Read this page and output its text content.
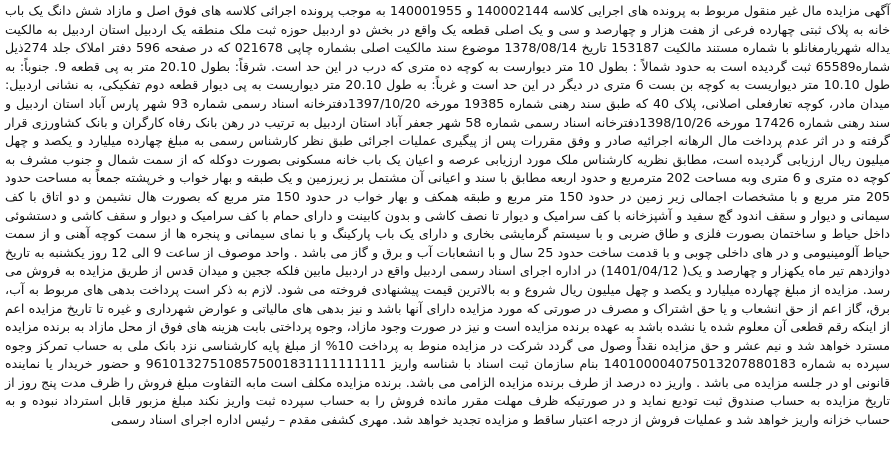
آگهی مزایده مال غیر منقول مربوط به پرونده های اجرایی کلاسه 140002144 و 140001955 به موجب پرونده اجرائی کلاسه های فوق اصل و مازاد شش دانگ یک باب خانه به پلاک ثبتی چهارده فرعی از هفت هزار و چهارصد و سی و یک اصلی قطعه یک واقع در بخش دو اردبیل حوزه ثبت ملک منطقه یک اردبیل استان اردبیل به مالکیت یداله شهریارمغانلو با شماره مستند مالکیت 153187 تاریخ 1378/08/14 موضوع سند مالکیت اصلی بشماره چاپی 021678 که در صفحه 596 دفتر املاک جلد 274ذیل شماره65589 ثبت گردیده است به حدود شمالاً : بطول 10 متر دیوارست به کوچه ده متری که درب در این حد است. شرقاً: بطول 20.10 متر به پی قطعه 9. جنوباً: به طول 10.10 متر دیواریست به کوچه بن بست 6 متری در دیگر در این حد است و غرباً: به طول 20.10 متر دیواریست به پی دیوار قطعه دوم تفکیکی، به نشانی اردبیل: میدان مادر، کوچه تعارفعلی اصلانی، پلاک 40 که طبق سند رهنی شماره 19385 مورخه 1397/10/20دفترخانه اسناد رسمی شماره 93 شهر پارس آباد استان اردبیل و سند رهنی شماره 17426 مورخه 1398/10/26دفترخانه اسناد رسمی شماره 58 شهر جعفر آباد استان اردبیل به ترتیب در رهن بانک رفاه کارگران و بانک کشاورزی قرار گرفته و در اثر عدم پرداخت مال الرهانه اجرائیه صادر و وفق مقررات پس از پیگیری عملیات اجرائی طبق نظر کارشناس رسمی به مبلغ چهارده میلیارد و یکصد و چهل میلیون ریال ارزیابی گردیده است، مطابق نظریه کارشناس ملک مورد ارزیابی عرصه و اعیان یک باب خانه مسکونی بصورت دوکله که از سمت شمال و جنوب مشرف به کوچه ده متری و 6 متری وبه مساحت 202 مترمربع و حدود اربعه مطابق با سند و اعیانی آن مشتمل بر زیرزمین و یک طبقه و بهار خواب و خرپشته جمعاً به مساحت حدود 205 متر مربع و با مشخصات اجمالی زیر زمین در حدود 150 متر مربع و طبقه همکف و بهار خواب در حدود 150 متر مربع که بصورت هال نشیمن و دو اتاق با کف سیمانی و دیوار و سقف اندود گچ سفید و آشپزخانه با کف سرامیک و دیوار تا نصف کاشی و بدون کابینت و دارای حمام با کف سرامیک و دیوار و سقف کاشی و دستشوئی داخل حیاط و ساختمان بصورت فلزی و طاق ضربی و با سیستم گرمایشی بخاری و دارای یک باب پارکینگ و با نمای سیمانی و پنجره ها از سمت کوچه آهنی و از سمت حیاط آلومینیومی و در های داخلی چوبی و با قدمت ساخت حدود 25 سال و با انشعابات آب و برق و گاز می باشد . واحد موصوف از ساعت 9 الی 12 روز یکشنبه به تاریخ دوازدهم تیر ماه یکهزار و چهارصد و یک( 1401/04/12) در اداره اجرای اسناد رسمی اردبیل واقع در اردبیل مابین فلکه ججین و میدان قدس از طریق مزایده به فروش می رسد. مزایده از مبلغ چهارده میلیارد و یکصد و چهل میلیون ریال شروع و به بالاترین قیمت پیشنهادی فروخته می شود. لازم به ذکر است پرداخت بدهی های مربوط به آب، برق، گاز اعم از حق انشعاب و یا حق اشتراک و مصرف در صورتی که مورد مزایده دارای آنها باشد و نیز بدهی های مالیاتی و عوارض شهرداری و غیره تا تاریخ مزایده اعم از اینکه رقم قطعی آن معلوم شده یا نشده باشد به عهده برنده مزایده است و نیز در صورت وجود مازاد، وجوه پرداختی بابت هزینه های فوق از محل مازاد به برنده مزایده مسترد خواهد شد و نیم عشر و حق مزایده نقداً وصول می گردد شرکت در مزایده منوط به پرداخت 10% از مبلغ پایه کارشناسی نزد بانک ملی به حساب تمرکز وجوه سپرده به شماره 140100004075013207880183 بنام سازمان ثبت اسناد با شناسه واریز 961013275108575001831111111111 و حضور خریدار یا نماینده قانونی او در جلسه مزایده می باشد . واریز ده درصد از طرف برنده مزایده الزامی می باشد. برنده مزایده مکلف است مابه التفاوت مبلغ فروش را ظرف مدت پنج روز از تاریخ مزایده به حساب صندوق ثبت تودیع نماید و در صورتیکه ظرف مهلت مقرر مانده فروش را به حساب سپرده ثبت واریز نکند مبلغ مزبور قابل استرداد نبوده و به حساب خزانه واریز خواهد شد و عملیات فروش از درجه اعتبار ساقط و مزایده تجدید خواهد شد. مهری کشفی مقدم – رئیس اداره اجرای اسناد رسمی
